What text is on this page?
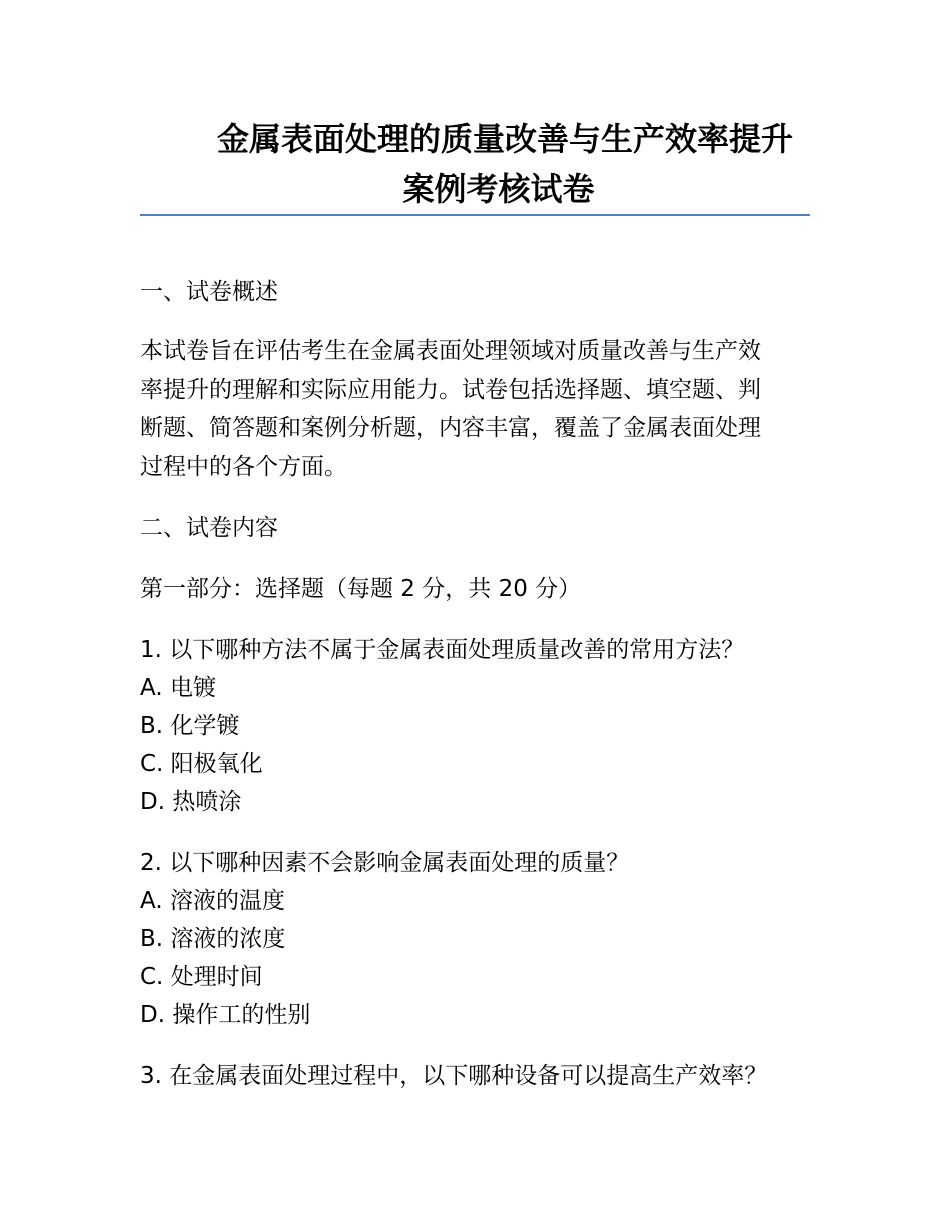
金属表面处理的质量改善与生产效率提升
案例考核试卷
一、试卷概述
本试卷旨在评估考生在金属表面处理领域对质量改善与生产效
率提升的理解和实际应用能力。试卷包括选择题、填空题、判
断题、简答题和案例分析题，内容丰富，覆盖了金属表面处理
过程中的各个方面。
二、试卷内容
第一部分：选择题（每题 2 分，共 20 分）
1. 以下哪种方法不属于金属表面处理质量改善的常用方法？
A. 电镀
B. 化学镀
C. 阳极氧化
D. 热喷涂
2. 以下哪种因素不会影响金属表面处理的质量？
A. 溶液的温度
B. 溶液的浓度
C. 处理时间
D. 操作工的性别
3. 在金属表面处理过程中，以下哪种设备可以提高生产效率？
